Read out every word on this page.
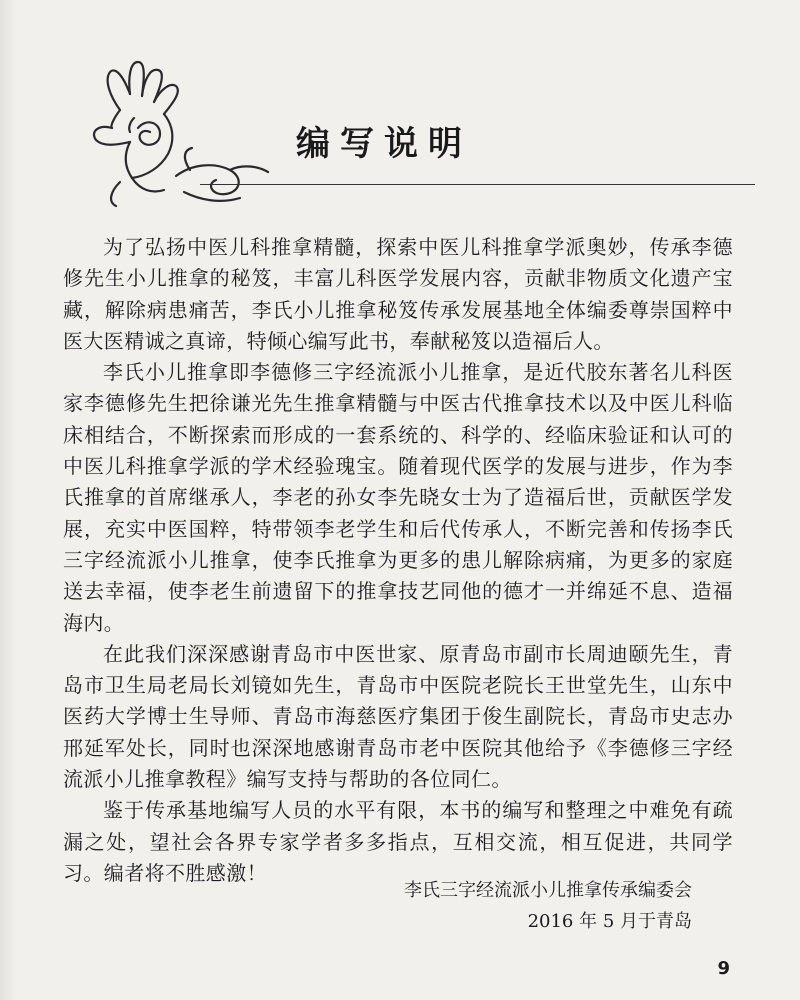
编写说明

为了弘扬中医儿科推拿精髓，探索中医儿科推拿学派奥妙，传承李德修先生小儿推拿的秘笈，丰富儿科医学发展内容，贡献非物质文化遗产宝藏，解除病患痛苦，李氏小儿推拿秘笈传承发展基地全体编委尊崇国粹中医大医精诚之真谛，特倾心编写此书，奉献秘笈以造福后人。

李氏小儿推拿即李德修三字经流派小儿推拿，是近代胶东著名儿科医家李德修先生把徐谦光先生推拿精髓与中医古代推拿技术以及中医儿科临床相结合，不断探索而形成的一套系统的、科学的、经临床验证和认可的中医儿科推拿学派的学术经验瑰宝。随着现代医学的发展与进步，作为李氏推拿的首席继承人，李老的孙女李先晓女士为了造福后世，贡献医学发展，充实中医国粹，特带领李老学生和后代传承人，不断完善和传扬李氏三字经流派小儿推拿，使李氏推拿为更多的患儿解除病痛，为更多的家庭送去幸福，使李老生前遗留下的推拿技艺同他的德才一并绵延不息、造福海内。

在此我们深深感谢青岛市中医世家、原青岛市副市长周迪颐先生，青岛市卫生局老局长刘镜如先生，青岛市中医院老院长王世堂先生，山东中医药大学博士生导师、青岛市海慈医疗集团于俊生副院长，青岛市史志办邢延军处长，同时也深深地感谢青岛市老中医院其他给予《李德修三字经流派小儿推拿教程》编写支持与帮助的各位同仁。

鉴于传承基地编写人员的水平有限，本书的编写和整理之中难免有疏漏之处，望社会各界专家学者多多指点，互相交流，相互促进，共同学习。编者将不胜感激！

李氏三字经流派小儿推拿传承编委会
2016 年 5 月于青岛
9
